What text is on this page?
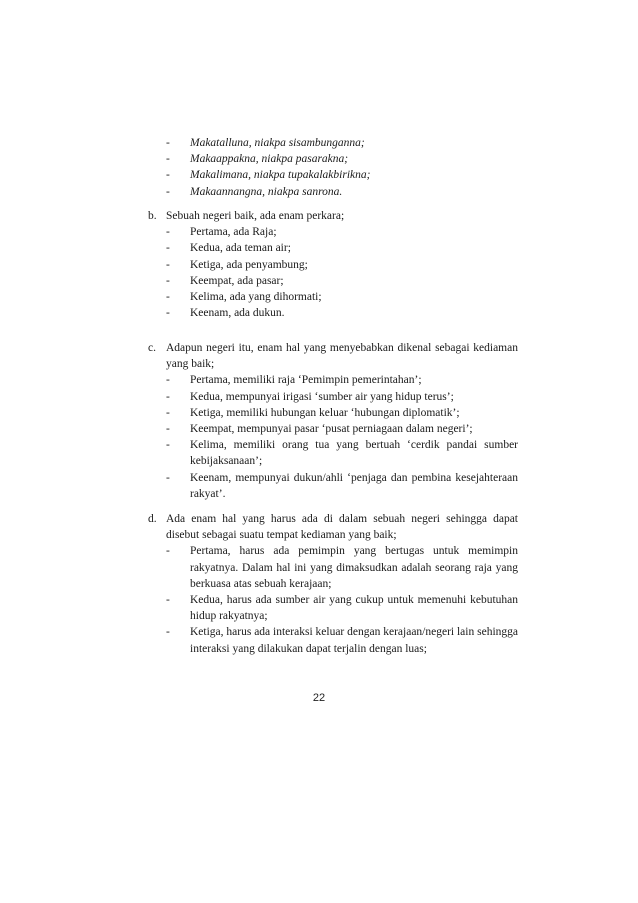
- Makatalluna, niakpa sisambunganna;
- Makaappakna, niakpa pasarakna;
- Makalimana, niakpa tupakalakbirikna;
- Makaannangna, niakpa sanrona.
b. Sebuah negeri baik, ada enam perkara;
- Pertama, ada Raja;
- Kedua, ada teman air;
- Ketiga, ada penyambung;
- Keempat, ada pasar;
- Kelima, ada yang dihormati;
- Keenam, ada dukun.
c. Adapun negeri itu, enam hal yang menyebabkan dikenal sebagai kediaman yang baik;
- Pertama, memiliki raja ‘Pemimpin pemerintahan’;
- Kedua, mempunyai irigasi ‘sumber air yang hidup terus’;
- Ketiga, memiliki hubungan keluar ‘hubungan diplomatik’;
- Keempat, mempunyai pasar ‘pusat perniagaan dalam negeri’;
- Kelima, memiliki orang tua yang bertuah ‘cerdik pandai sumber kebijaksanaan’;
- Keenam, mempunyai dukun/ahli ‘penjaga dan pembina kesejahteraan rakyat’.
d. Ada enam hal yang harus ada di dalam sebuah negeri sehingga dapat disebut sebagai suatu tempat kediaman yang baik;
- Pertama, harus ada pemimpin yang bertugas untuk memimpin rakyatnya. Dalam hal ini yang dimaksudkan adalah seorang raja yang berkuasa atas sebuah kerajaan;
- Kedua, harus ada sumber air yang cukup untuk memenuhi kebutuhan hidup rakyatnya;
- Ketiga, harus ada interaksi keluar dengan kerajaan/negeri lain sehingga interaksi yang dilakukan dapat terjalin dengan luas;
22
